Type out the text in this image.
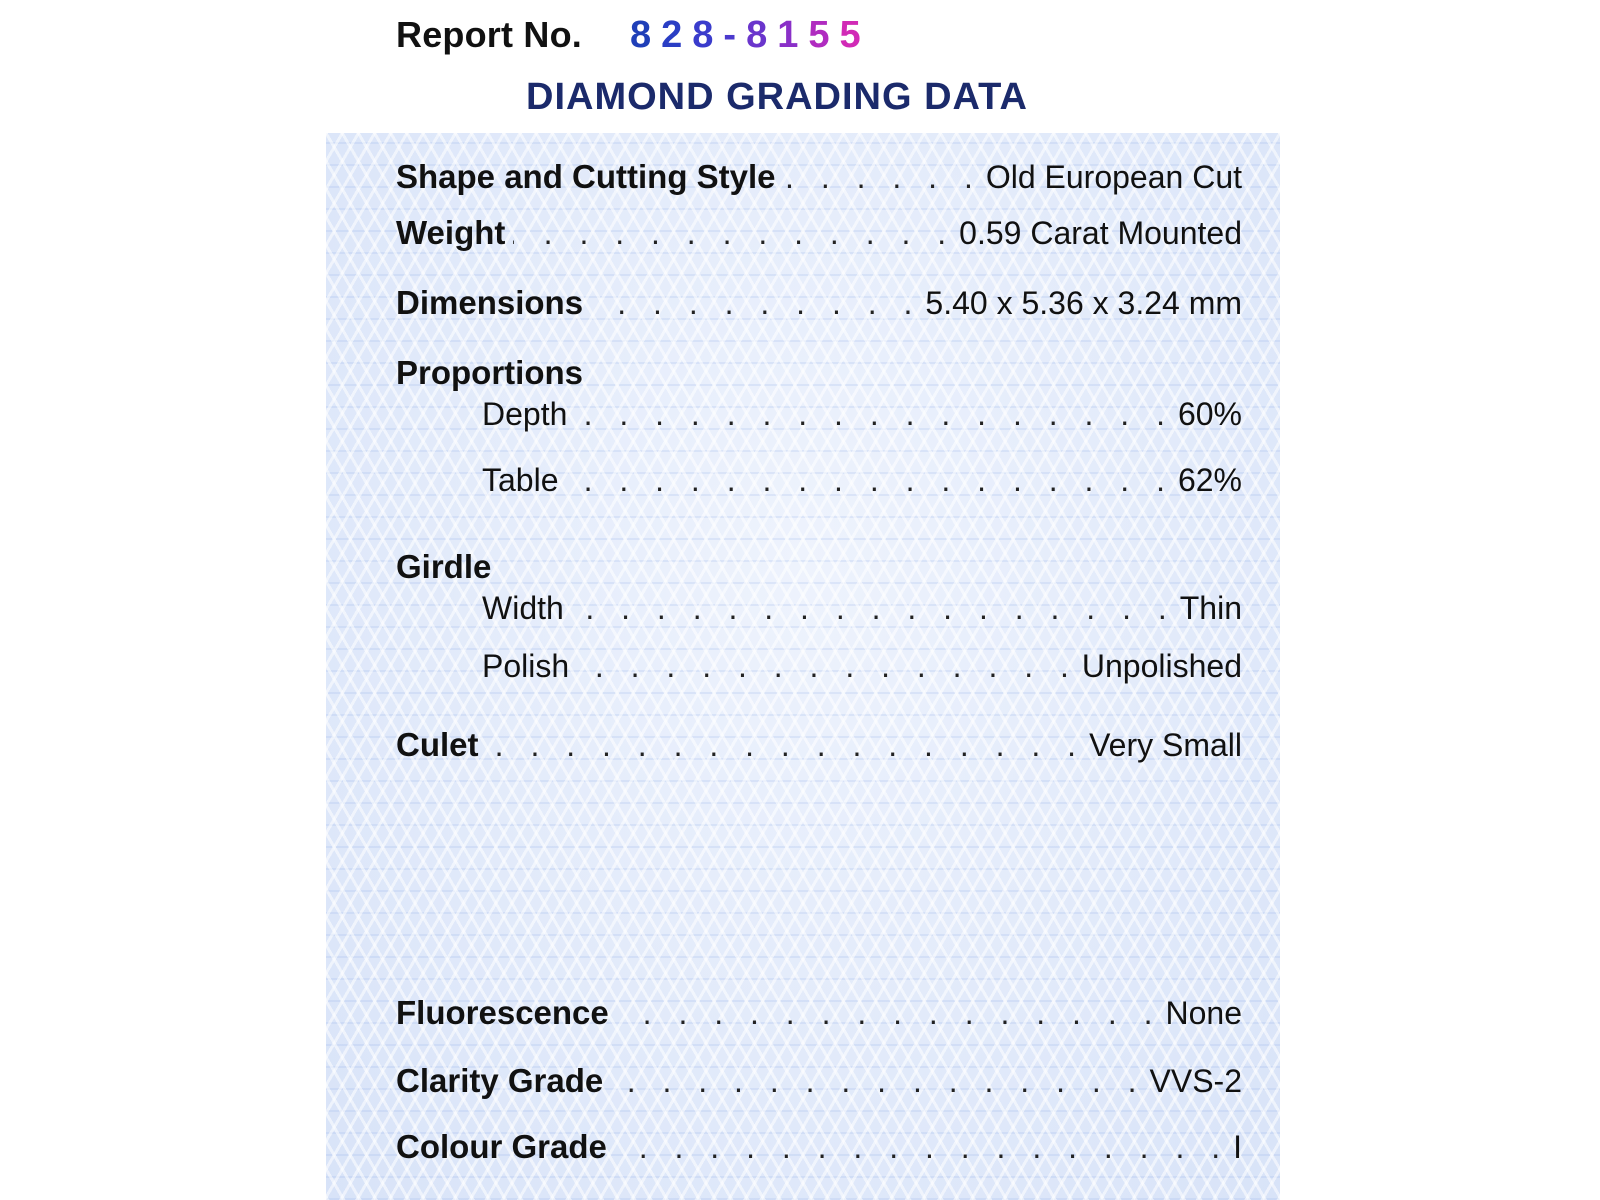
Report No. 8 2 8 - 8 1 5 5
DIAMOND GRADING DATA
Shape and Cutting Style . . .	Old European Cut
Weight . . .	0.59 Carat Mounted
Dimensions . . .	5.40 x 5.36 x 3.24 mm
Proportions
Depth . . .	60%
Table . . .	62%
Girdle
Width . . .	Thin
Polish . . .	Unpolished
Culet . . .	Very Small
Fluorescence . . .	None
Clarity Grade . . .	VVS-2
Colour Grade . . .	I
